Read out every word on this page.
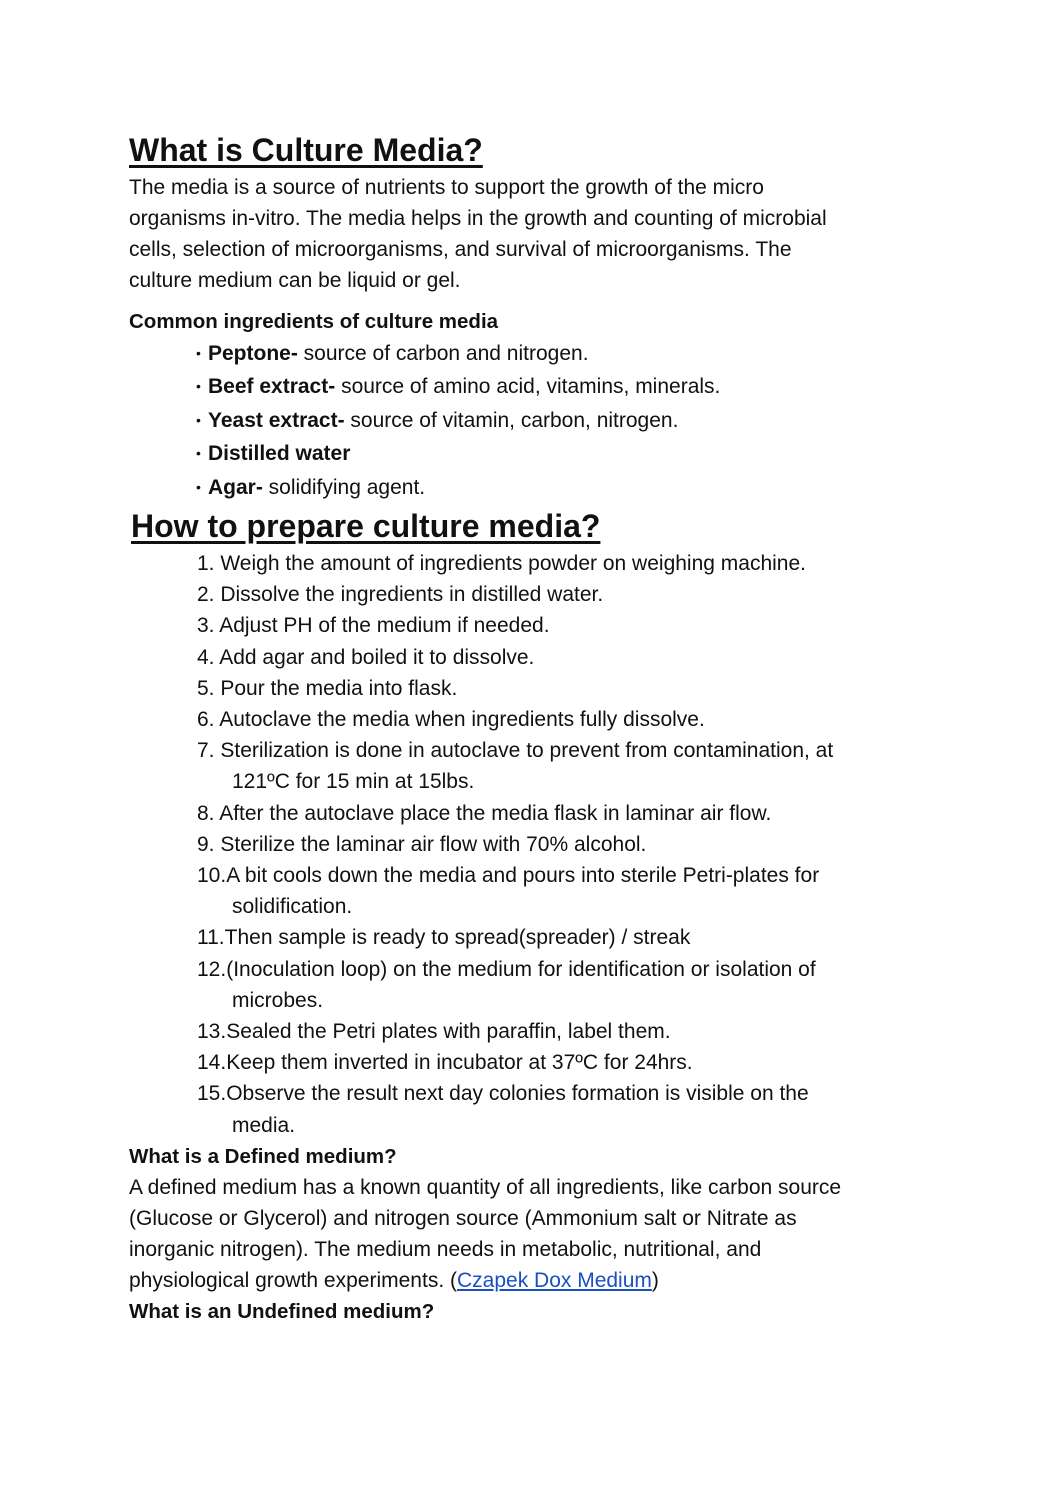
What is Culture Media?

The media is a source of nutrients to support the growth of the micro

organisms in-vitro. The media helps in the growth and counting of microbial

cells, selection of microorganisms, and survival of microorganisms. The

culture medium can be liquid or gel.

Common ingredients of culture media

• Peptone- source of carbon and nitrogen.
• Beef extract- source of amino acid, vitamins, minerals.
• Yeast extract- source of vitamin, carbon, nitrogen.
• Distilled water
• Agar- solidifying agent.
How to prepare culture media?
1. Weigh the amount of ingredients powder on weighing machine.
2. Dissolve the ingredients in distilled water.
3. Adjust PH of the medium if needed.
4. Add agar and boiled it to dissolve.
5. Pour the media into flask.
6. Autoclave the media when ingredients fully dissolve.
7. Sterilization is done in autoclave to prevent from contamination, at
121ºC for 15 min at 15lbs.
8. After the autoclave place the media flask in laminar air flow.
9. Sterilize the laminar air flow with 70% alcohol.
10.A bit cools down the media and pours into sterile Petri-plates for
solidification.
11.Then sample is ready to spread(spreader) / streak
12.(Inoculation loop) on the medium for identification or isolation of
microbes.
13.Sealed the Petri plates with paraffin, label them.
14.Keep them inverted in incubator at 37ºC for 24hrs.
15.Observe the result next day colonies formation is visible on the
media.

What is a Defined medium?

A defined medium has a known quantity of all ingredients, like carbon source

(Glucose or Glycerol) and nitrogen source (Ammonium salt or Nitrate as

inorganic nitrogen). The medium needs in metabolic, nutritional, and

physiological growth experiments. (Czapek Dox Medium)

What is an Undefined medium?
